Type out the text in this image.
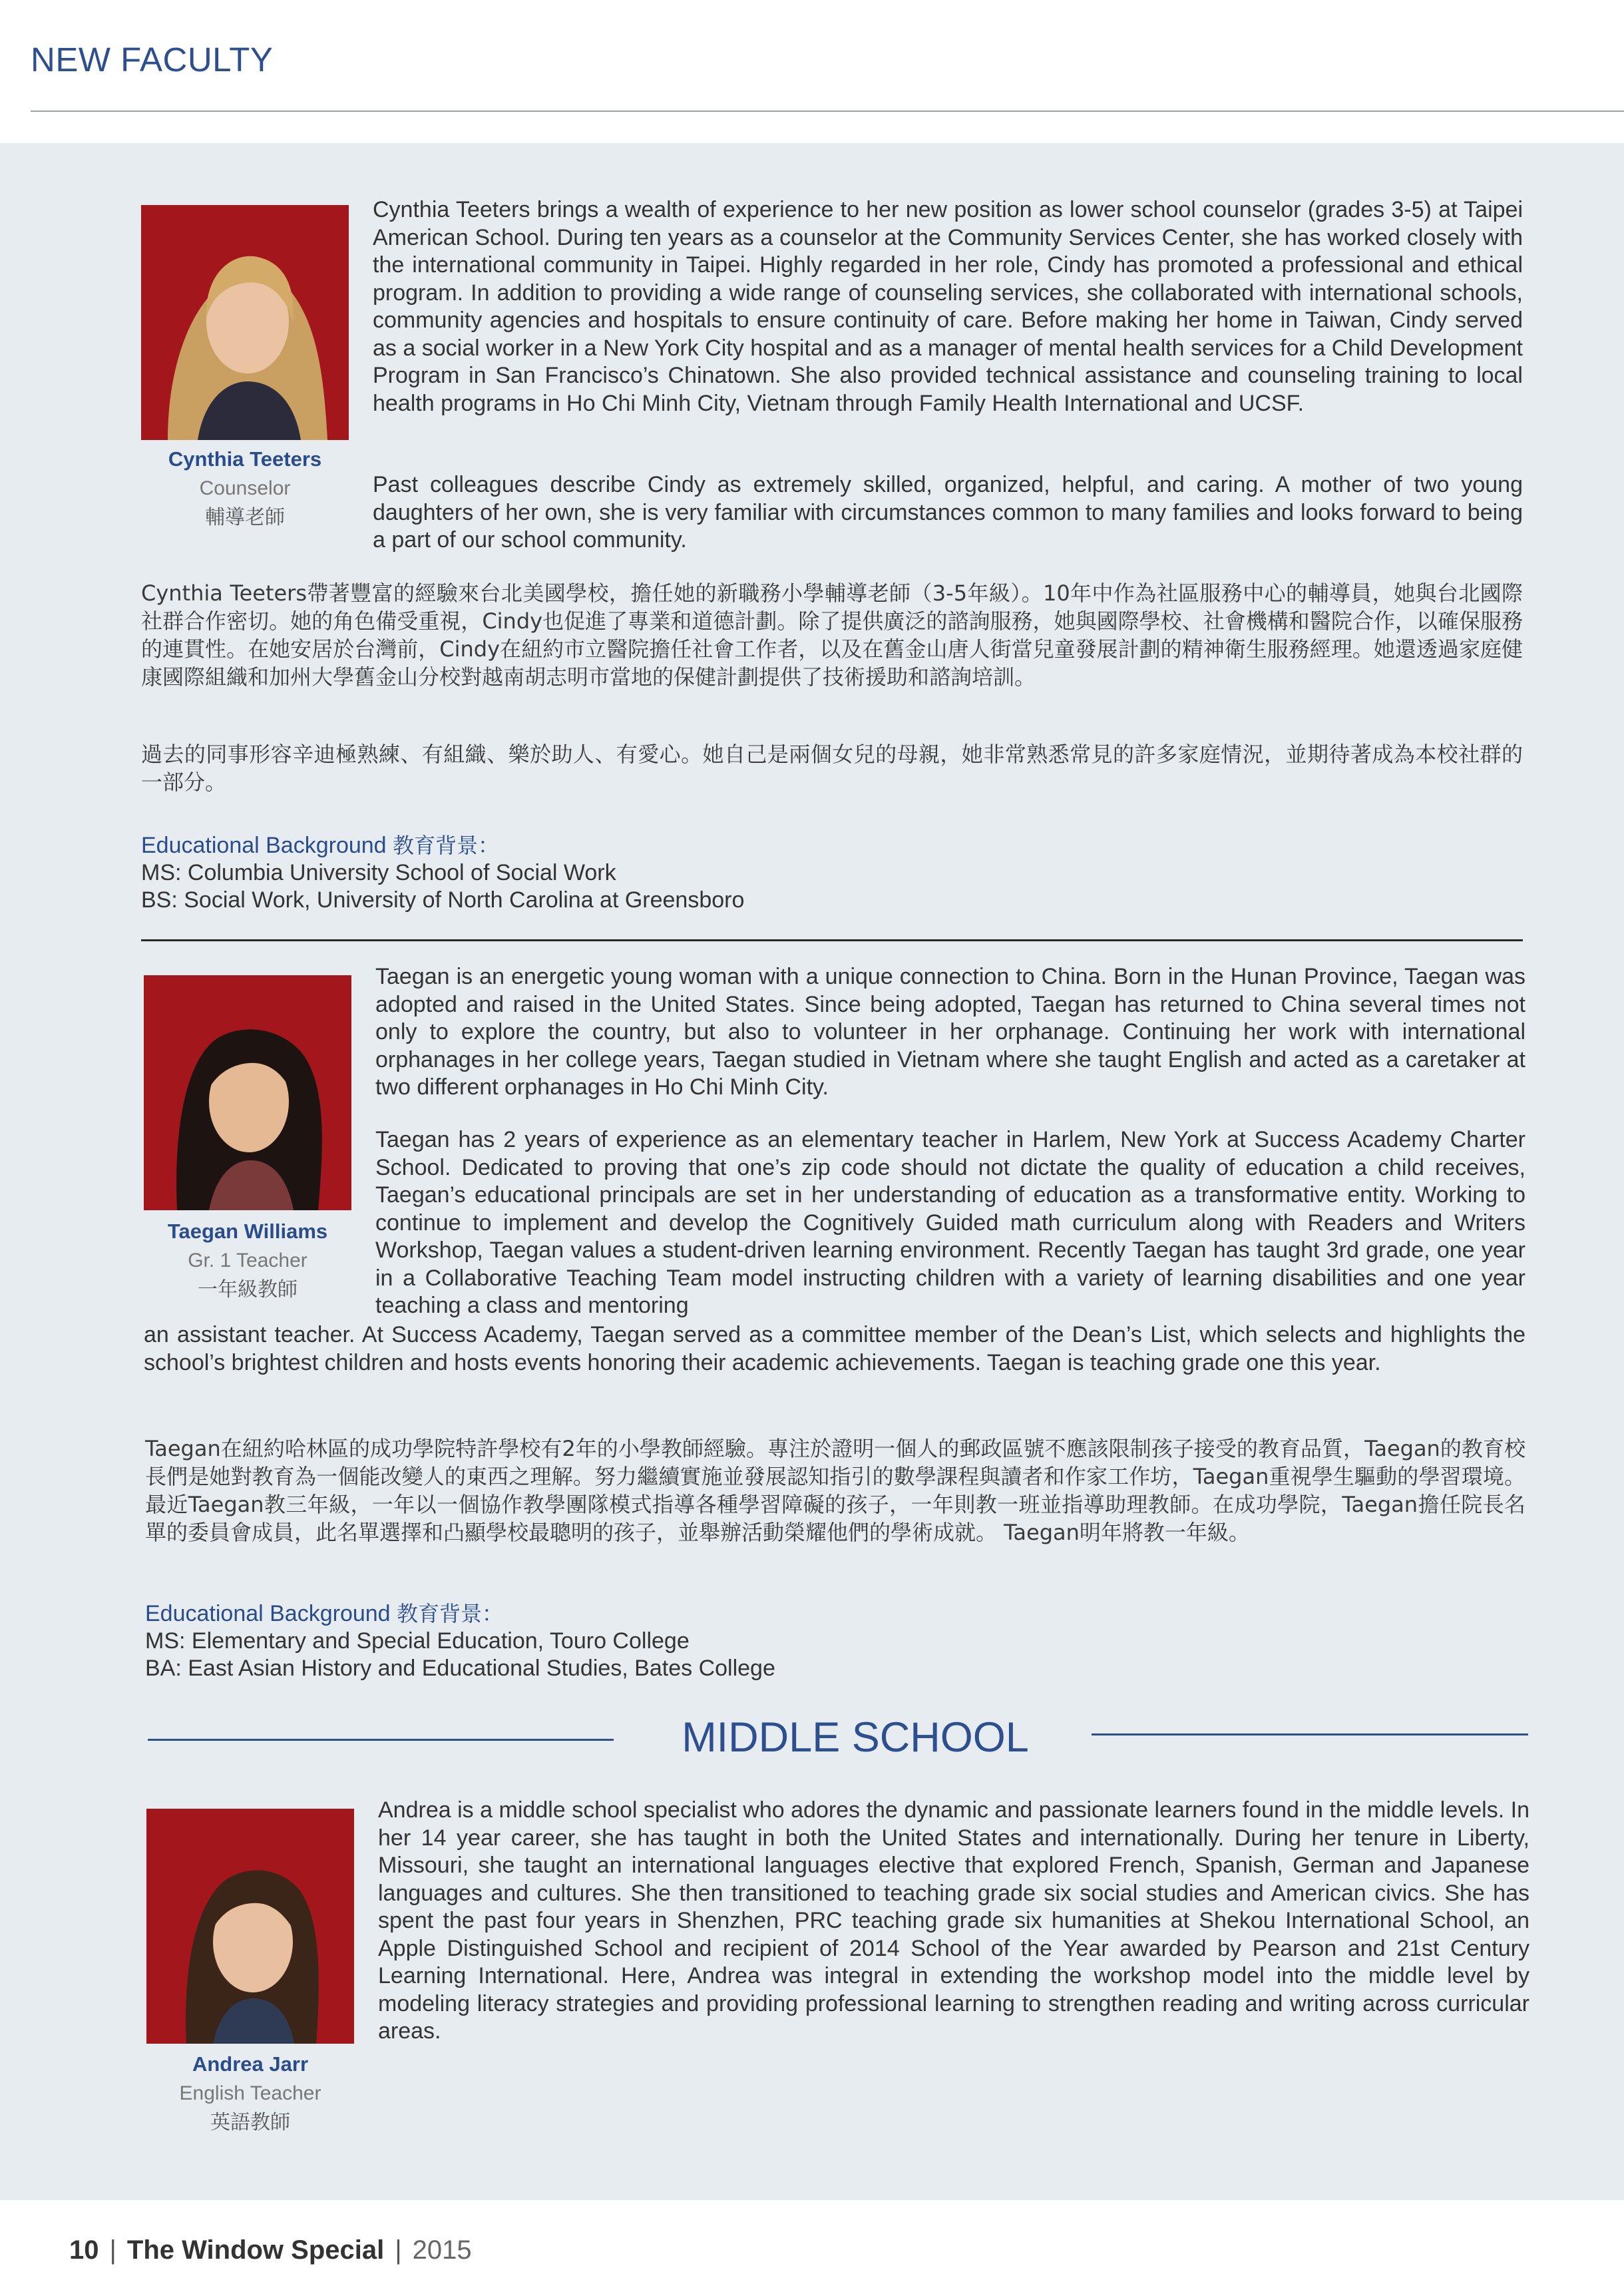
NEW FACULTY
Cynthia Teeters
Counselor
輔導老師

Cynthia Teeters brings a wealth of experience to her new position as lower school counselor (grades 3-5) at Taipei American School. During ten years as a counselor at the Community Services Center, she has worked closely with the international community in Taipei. Highly regarded in her role, Cindy has promoted a professional and ethical program. In addition to providing a wide range of counseling services, she collaborated with international schools, community agencies and hospitals to ensure continuity of care. Before making her home in Taiwan, Cindy served as a social worker in a New York City hospital and as a manager of mental health services for a Child Development Program in San Francisco’s Chinatown. She also provided technical assistance and counseling training to local health programs in Ho Chi Minh City, Vietnam through Family Health International and UCSF.

Past colleagues describe Cindy as extremely skilled, organized, helpful, and caring. A mother of two young daughters of her own, she is very familiar with circumstances common to many families and looks forward to being a part of our school community.

Cynthia Teeters帶著豐富的經驗來台北美國學校，擔任她的新職務小學輔導老師（3-5年級）。10年中作為社區服務中心的輔導員，她與台北國際社群合作密切。她的角色備受重視，Cindy也促進了專業和道德計劃。除了提供廣泛的諮詢服務，她與國際學校、社會機構和醫院合作，以確保服務的連貫性。在她安居於台灣前，Cindy在紐約市立醫院擔任社會工作者，以及在舊金山唐人街當兒童發展計劃的精神衛生服務經理。她還透過家庭健康國際組織和加州大學舊金山分校對越南胡志明市當地的保健計劃提供了技術援助和諮詢培訓。

過去的同事形容辛迪極熟練、有組織、樂於助人、有愛心。她自己是兩個女兒的母親，她非常熟悉常見的許多家庭情況，並期待著成為本校社群的一部分。

Educational Background 教育背景：
MS: Columbia University School of Social Work
BS: Social Work, University of North Carolina at Greensboro
Taegan Williams
Gr. 1 Teacher
一年級教師

Taegan is an energetic young woman with a unique connection to China. Born in the Hunan Province, Taegan was adopted and raised in the United States. Since being adopted, Taegan has returned to China several times not only to explore the country, but also to volunteer in her orphanage. Continuing her work with international orphanages in her college years, Taegan studied in Vietnam where she taught English and acted as a caretaker at two different orphanages in Ho Chi Minh City.

Taegan has 2 years of experience as an elementary teacher in Harlem, New York at Success Academy Charter School. Dedicated to proving that one’s zip code should not dictate the quality of education a child receives, Taegan’s educational principals are set in her understanding of education as a transformative entity. Working to continue to implement and develop the Cognitively Guided math curriculum along with Readers and Writers Workshop, Taegan values a student-driven learning environment. Recently Taegan has taught 3rd grade, one year in a Collaborative Teaching Team model instructing children with a variety of learning disabilities and one year teaching a class and mentoring

an assistant teacher. At Success Academy, Taegan served as a committee member of the Dean’s List, which selects and highlights the school’s brightest children and hosts events honoring their academic achievements. Taegan is teaching grade one this year.

Taegan在紐約哈林區的成功學院特許學校有2年的小學教師經驗。專注於證明一個人的郵政區號不應該限制孩子接受的教育品質，Taegan的教育校長們是她對教育為一個能改變人的東西之理解。努力繼續實施並發展認知指引的數學課程與讀者和作家工作坊，Taegan重視學生驅動的學習環境。最近Taegan教三年級，一年以一個協作教學團隊模式指導各種學習障礙的孩子，一年則教一班並指導助理教師。在成功學院，Taegan擔任院長名單的委員會成員，此名單選擇和凸顯學校最聰明的孩子，並舉辦活動榮耀他們的學術成就。 Taegan明年將教一年級。

Educational Background 教育背景：
MS: Elementary and Special Education, Touro College
BA: East Asian History and Educational Studies, Bates College
MIDDLE SCHOOL
Andrea Jarr
English Teacher
英語教師

Andrea is a middle school specialist who adores the dynamic and passionate learners found in the middle levels. In her 14 year career, she has taught in both the United States and internationally. During her tenure in Liberty, Missouri, she taught an international languages elective that explored French, Spanish, German and Japanese languages and cultures. She then transitioned to teaching grade six social studies and American civics. She has spent the past four years in Shenzhen, PRC teaching grade six humanities at Shekou International School, an Apple Distinguished School and recipient of 2014 School of the Year awarded by Pearson and 21st Century Learning International. Here, Andrea was integral in extending the workshop model into the middle level by modeling literacy strategies and providing professional learning to strengthen reading and writing across curricular areas.

10 | The Window Special | 2015
